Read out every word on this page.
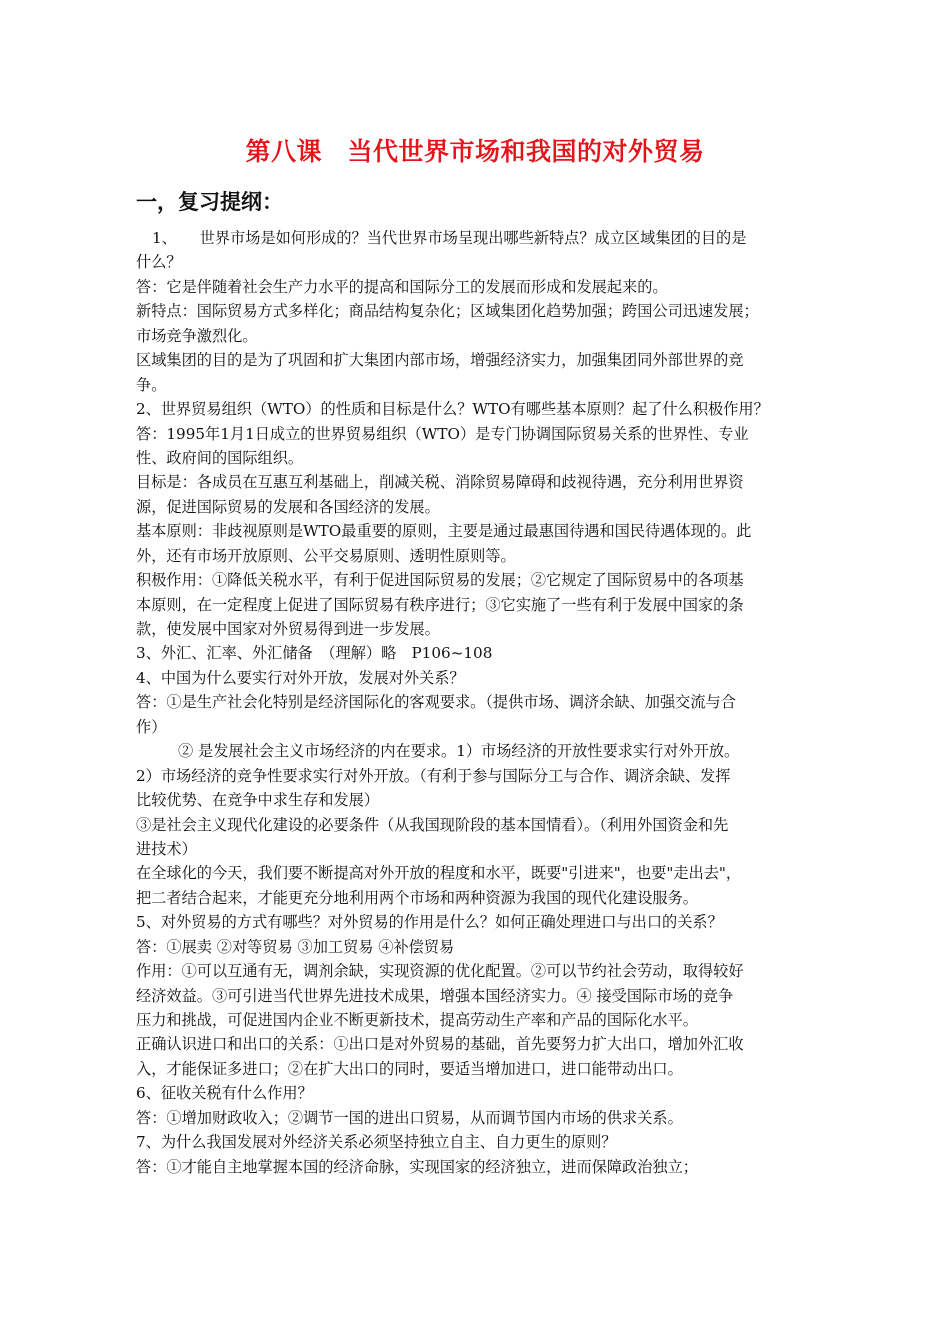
第八课　当代世界市场和我国的对外贸易
一，复习提纲：
1、　　世界市场是如何形成的？当代世界市场呈现出哪些新特点？成立区域集团的目的是
什么？
答：它是伴随着社会生产力水平的提高和国际分工的发展而形成和发展起来的。
新特点：国际贸易方式多样化；商品结构复杂化；区域集团化趋势加强；跨国公司迅速发展；
市场竞争激烈化。
区域集团的目的是为了巩固和扩大集团内部市场，增强经济实力，加强集团同外部世界的竞
争。
2、世界贸易组织（WTO）的性质和目标是什么？WTO有哪些基本原则？起了什么积极作用？
答：1995年1月1日成立的世界贸易组织（WTO）是专门协调国际贸易关系的世界性、专业
性、政府间的国际组织。
目标是：各成员在互惠互利基础上，削减关税、消除贸易障碍和歧视待遇，充分利用世界资
源，促进国际贸易的发展和各国经济的发展。
基本原则：非歧视原则是WTO最重要的原则，主要是通过最惠国待遇和国民待遇体现的。此
外，还有市场开放原则、公平交易原则、透明性原则等。
积极作用：①降低关税水平，有利于促进国际贸易的发展；②它规定了国际贸易中的各项基
本原则，在一定程度上促进了国际贸易有秩序进行；③它实施了一些有利于发展中国家的条
款，使发展中国家对外贸易得到进一步发展。
3、外汇、汇率、外汇储备　（理解）略　P106~108
4、中国为什么要实行对外开放，发展对外关系？
答：①是生产社会化特别是经济国际化的客观要求。（提供市场、调济余缺、加强交流与合
作）
② 是发展社会主义市场经济的内在要求。1）市场经济的开放性要求实行对外开放。
2）市场经济的竞争性要求实行对外开放。（有利于参与国际分工与合作、调济余缺、发挥
比较优势、在竞争中求生存和发展）
③是社会主义现代化建设的必要条件（从我国现阶段的基本国情看）。（利用外国资金和先
进技术）
在全球化的今天，我们要不断提高对外开放的程度和水平，既要"引进来"，也要"走出去"，
把二者结合起来，才能更充分地利用两个市场和两种资源为我国的现代化建设服务。
5、对外贸易的方式有哪些？对外贸易的作用是什么？如何正确处理进口与出口的关系？
答：①展卖 ②对等贸易 ③加工贸易 ④补偿贸易
作用：①可以互通有无，调剂余缺，实现资源的优化配置。②可以节约社会劳动，取得较好
经济效益。③可引进当代世界先进技术成果，增强本国经济实力。④ 接受国际市场的竞争
压力和挑战，可促进国内企业不断更新技术，提高劳动生产率和产品的国际化水平。
正确认识进口和出口的关系：①出口是对外贸易的基础，首先要努力扩大出口，增加外汇收
入，才能保证多进口；②在扩大出口的同时，要适当增加进口，进口能带动出口。
6、征收关税有什么作用？
答：①增加财政收入；②调节一国的进出口贸易，从而调节国内市场的供求关系。
7、为什么我国发展对外经济关系必须坚持独立自主、自力更生的原则？
答：①才能自主地掌握本国的经济命脉，实现国家的经济独立，进而保障政治独立；
